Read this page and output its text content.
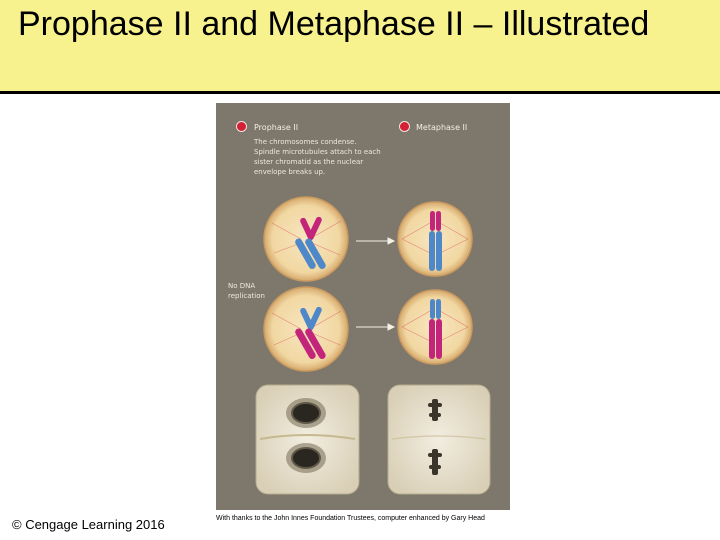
Prophase II and Metaphase II – Illustrated
Prophase II	Metaphase II
The chromosomes condense. Spindle microtubules attach to each sister chromatid as the nuclear envelope breaks up.
No DNA replication
© Cengage Learning 2016	With thanks to the John Innes Foundation Trustees, computer enhanced by Gary Head
